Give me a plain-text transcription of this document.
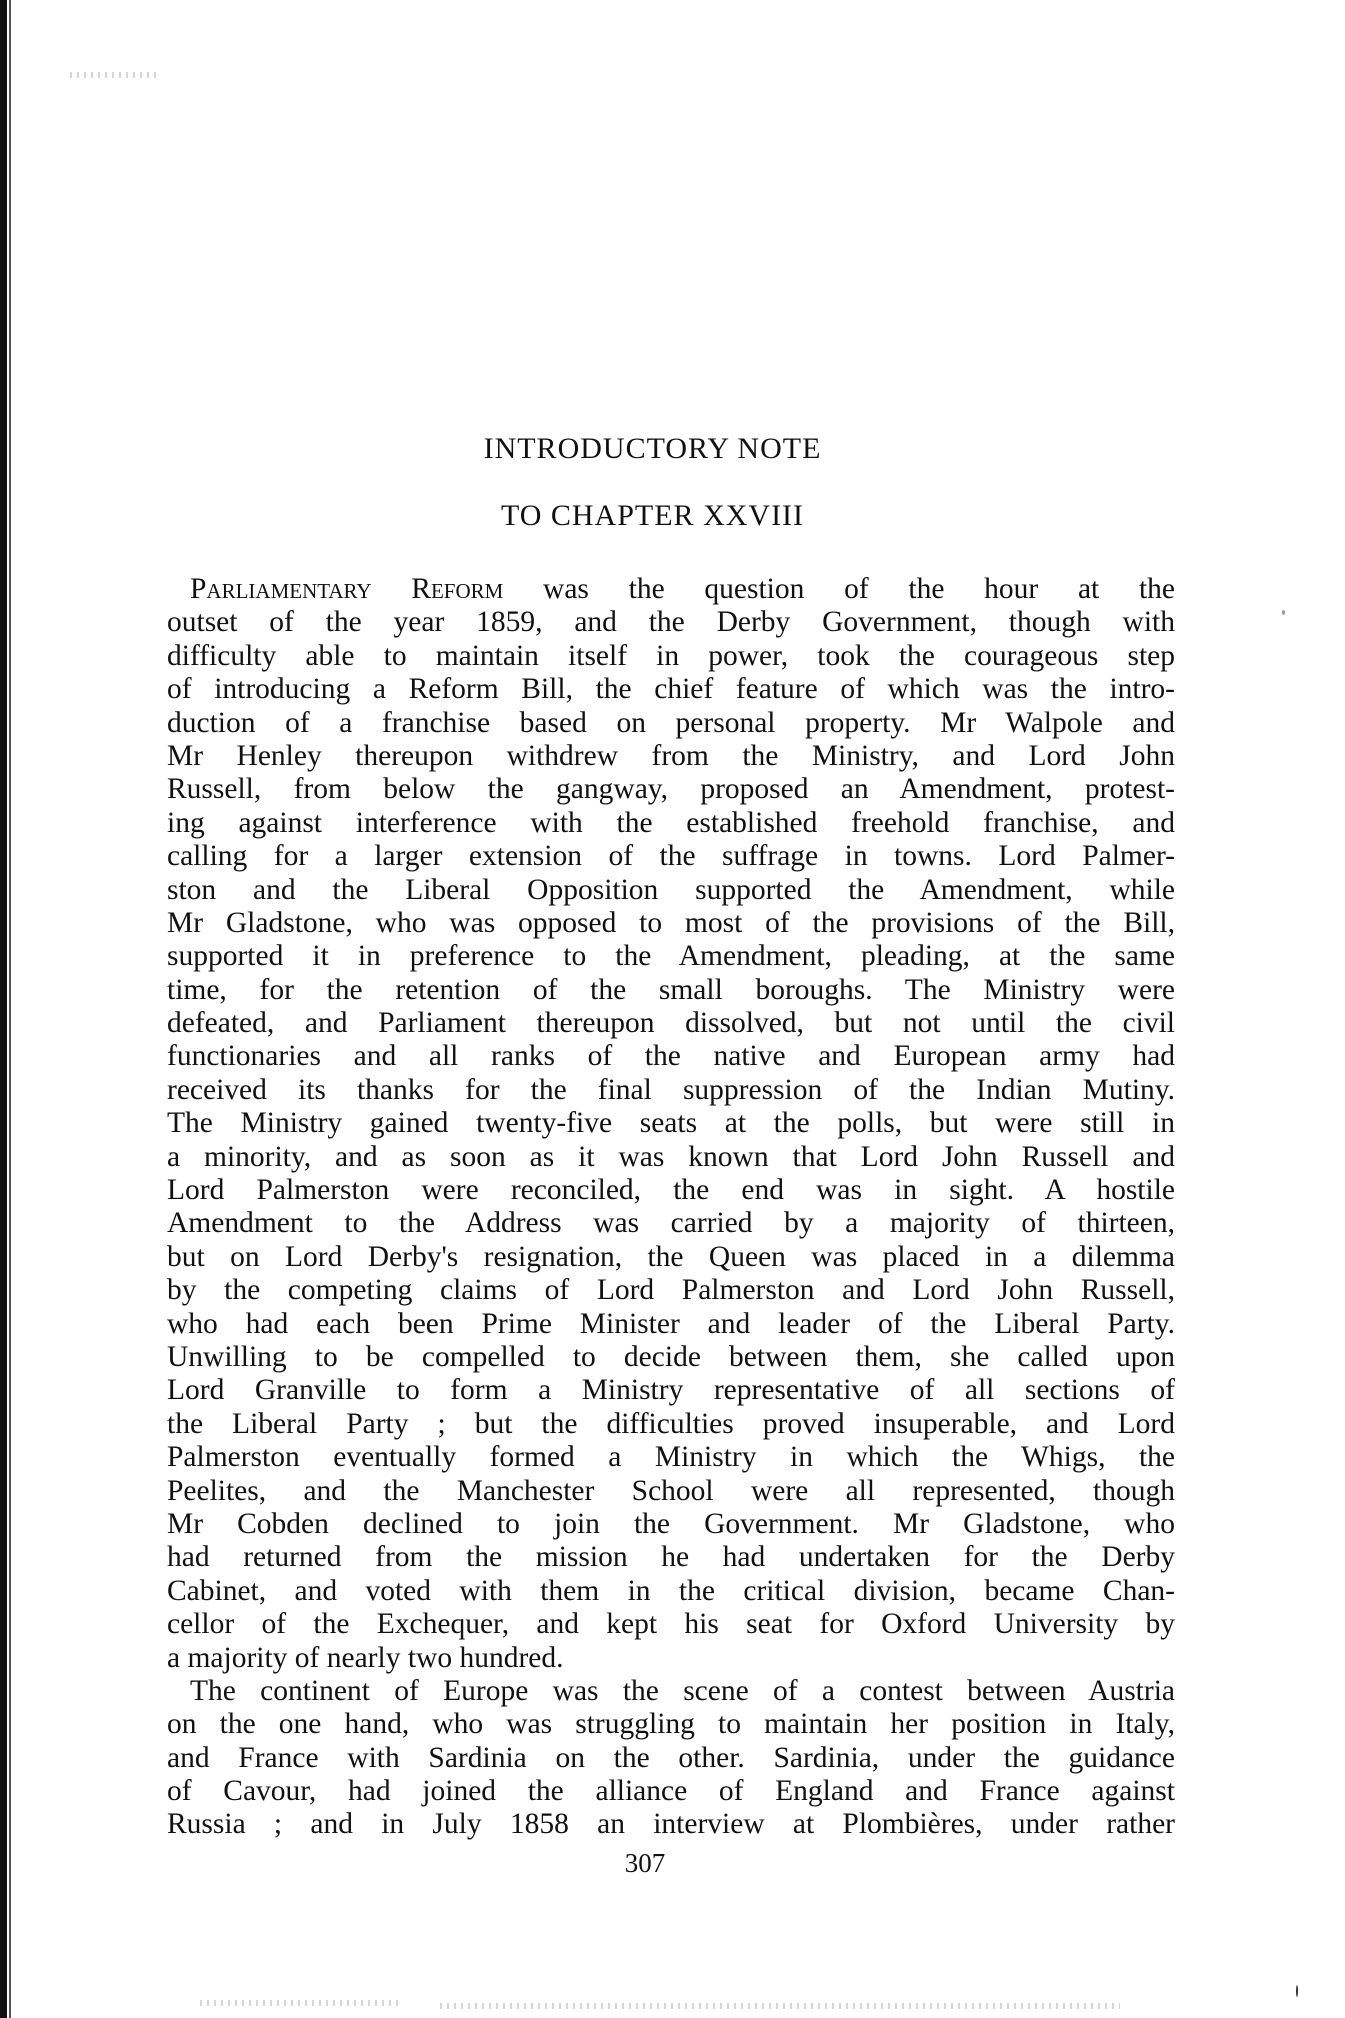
INTRODUCTORY NOTE
TO CHAPTER XXVIII
Parliamentary Reform was the question of the hour at the
outset of the year 1859, and the Derby Government, though with
difficulty able to maintain itself in power, took the courageous step
of introducing a Reform Bill, the chief feature of which was the intro-
duction of a franchise based on personal property. Mr Walpole and
Mr Henley thereupon withdrew from the Ministry, and Lord John
Russell, from below the gangway, proposed an Amendment, protest-
ing against interference with the established freehold franchise, and
calling for a larger extension of the suffrage in towns. Lord Palmer-
ston and the Liberal Opposition supported the Amendment, while
Mr Gladstone, who was opposed to most of the provisions of the Bill,
supported it in preference to the Amendment, pleading, at the same
time, for the retention of the small boroughs. The Ministry were
defeated, and Parliament thereupon dissolved, but not until the civil
functionaries and all ranks of the native and European army had
received its thanks for the final suppression of the Indian Mutiny.
The Ministry gained twenty-five seats at the polls, but were still in
a minority, and as soon as it was known that Lord John Russell and
Lord Palmerston were reconciled, the end was in sight. A hostile
Amendment to the Address was carried by a majority of thirteen,
but on Lord Derby's resignation, the Queen was placed in a dilemma
by the competing claims of Lord Palmerston and Lord John Russell,
who had each been Prime Minister and leader of the Liberal Party.
Unwilling to be compelled to decide between them, she called upon
Lord Granville to form a Ministry representative of all sections of
the Liberal Party ; but the difficulties proved insuperable, and Lord
Palmerston eventually formed a Ministry in which the Whigs, the
Peelites, and the Manchester School were all represented, though
Mr Cobden declined to join the Government. Mr Gladstone, who
had returned from the mission he had undertaken for the Derby
Cabinet, and voted with them in the critical division, became Chan-
cellor of the Exchequer, and kept his seat for Oxford University by
a majority of nearly two hundred.
The continent of Europe was the scene of a contest between Austria
on the one hand, who was struggling to maintain her position in Italy,
and France with Sardinia on the other. Sardinia, under the guidance
of Cavour, had joined the alliance of England and France against
Russia ; and in July 1858 an interview at Plombières, under rather
307
